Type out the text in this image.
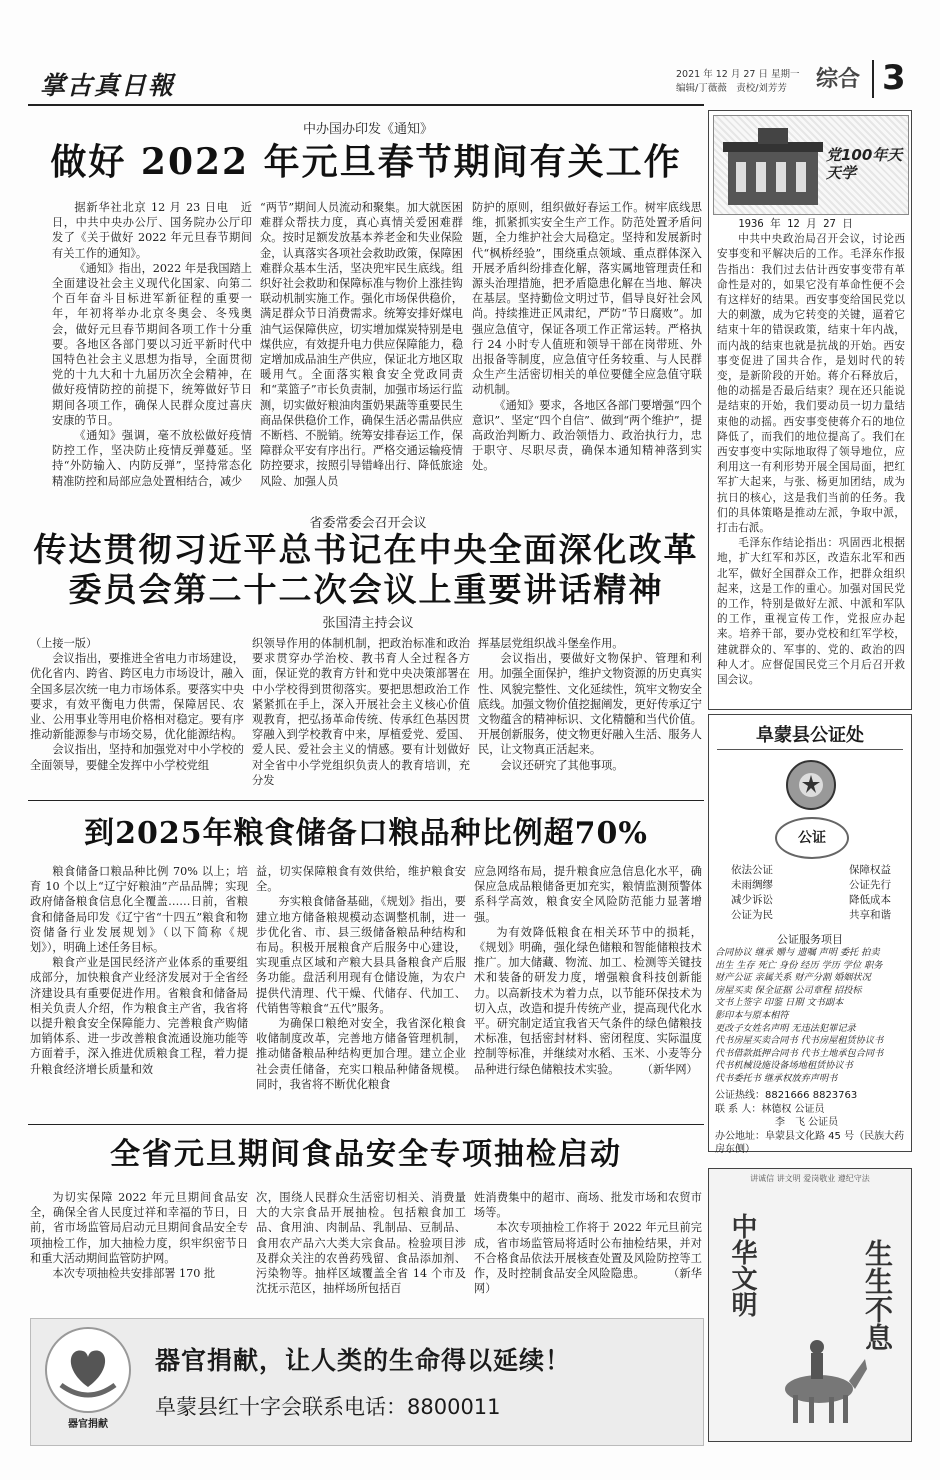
掌古真日報	2021 年 12 月 27 日 星期一
编辑/丁薇薇　责校/刘芳芳 综合 3
中办国办印发《通知》
做好 2022 年元旦春节期间有关工作

据新华社北京 12 月 23 日电　近日，中共中央办公厅、国务院办公厅印发了《关于做好 2022 年元旦春节期间有关工作的通知》。

《通知》指出，2022 年是我国踏上全面建设社会主义现代化国家、向第二个百年奋斗目标进军新征程的重要一年，年初将举办北京冬奥会、冬残奥会，做好元旦春节期间各项工作十分重要。各地区各部门要以习近平新时代中国特色社会主义思想为指导，全面贯彻党的十九大和十九届历次全会精神，在做好疫情防控的前提下，统筹做好节日期间各项工作，确保人民群众度过喜庆安康的节日。

《通知》强调，毫不放松做好疫情防控工作，坚决防止疫情反弹蔓延。坚持“外防输入、内防反弹”，坚持常态化精准防控和局部应急处置相结合，减少

“两节”期间人员流动和聚集。加大就医困难群众帮扶力度，真心真情关爱困难群众。按时足额发放基本养老金和失业保险金，认真落实各项社会救助政策，保障困难群众基本生活，坚决兜牢民生底线。组织好社会救助和保障标准与物价上涨挂钩联动机制实施工作。强化市场保供稳价，满足群众节日消费需求。统筹安排好煤电油气运保障供应，切实增加煤炭特别是电煤供应，有效提升电力供应保障能力，稳定增加成品油生产供应，保证北方地区取暖用气。全面落实粮食安全党政同责和“菜篮子”市长负责制，加强市场运行监测，切实做好粮油肉蛋奶果蔬等重要民生商品保供稳价工作，确保生活必需品供应不断档、不脱销。统筹安排春运工作，保障群众平安有序出行。严格交通运输疫情防控要求，按照引导错峰出行、降低旅途风险、加强人员

防护的原则，组织做好春运工作。树牢底线思维，抓紧抓实安全生产工作。防范处置矛盾问题，全力维护社会大局稳定。坚持和发展新时代“枫桥经验”，围绕重点领域、重点群体深入开展矛盾纠纷排查化解，落实属地管理责任和源头治理措施，把矛盾隐患化解在当地、解决在基层。坚持勤俭文明过节，倡导良好社会风尚。持续推进正风肃纪，严防“节日腐败”。加强应急值守，保证各项工作正常运转。严格执行 24 小时专人值班和领导干部在岗带班、外出报备等制度，应急值守任务较重、与人民群众生产生活密切相关的单位要健全应急值守联动机制。

《通知》要求，各地区各部门要增强“四个意识”、坚定“四个自信”、做到“两个维护”，提高政治判断力、政治领悟力、政治执行力，忠于职守、尽职尽责，确保本通知精神落到实处。

省委常委会召开会议
传达贯彻习近平总书记在中央全面深化改革
委员会第二十二次会议上重要讲话精神
张国清主持会议

（上接一版）

会议指出，要推进全省电力市场建设，优化省内、跨省、跨区电力市场设计，融入全国多层次统一电力市场体系。要落实中央要求，有效平衡电力供需，保障居民、农业、公用事业等用电价格相对稳定。要有序推动新能源参与市场交易，优化能源结构。

会议指出，坚持和加强党对中小学校的全面领导，要健全发挥中小学校党组

织领导作用的体制机制，把政治标准和政治要求贯穿办学治校、教书育人全过程各方面，保证党的教育方针和党中央决策部署在中小学校得到贯彻落实。要把思想政治工作紧紧抓在手上，深入开展社会主义核心价值观教育，把弘扬革命传统、传承红色基因贯穿融入到学校教育中来，厚植爱党、爱国、爱人民、爱社会主义的情感。要有计划做好对全省中小学党组织负责人的教育培训，充分发

挥基层党组织战斗堡垒作用。

会议指出，要做好文物保护、管理和利用。加强全面保护，维护文物资源的历史真实性、风貌完整性、文化延续性，筑牢文物安全底线。加强文物价值挖掘阐发，更好传承辽宁文物蕴含的精神标识、文化精髓和当代价值。开展创新服务，使文物更好融入生活、服务人民，让文物真正活起来。

会议还研究了其他事项。

到2025年粮食储备口粮品种比例超70%

粮食储备口粮品种比例 70% 以上；培育 10 个以上“辽宁好粮油”产品品牌；实现政府储备粮食信息化全覆盖……日前，省粮食和储备局印发《辽宁省“十四五”粮食和物资储备行业发展规划》（以下简称《规划》），明确上述任务目标。

粮食产业是国民经济产业体系的重要组成部分，加快粮食产业经济发展对于全省经济建设具有重要促进作用。省粮食和储备局相关负责人介绍，作为粮食主产省，我省将以提升粮食安全保障能力、完善粮食产购储加销体系、进一步改善粮食流通设施功能等方面着手，深入推进优质粮食工程，着力提升粮食经济增长质量和效

益，切实保障粮食有效供给，维护粮食安全。

夯实粮食储备基础，《规划》指出，要建立地方储备粮规模动态调整机制，进一步优化省、市、县三级储备粮品种结构和布局。积极开展粮食产后服务中心建设，实现重点区域和产粮大县具备粮食产后服务功能。盘活利用现有仓储设施，为农户提供代清理、代干燥、代储存、代加工、代销售等粮食“五代”服务。

为确保口粮绝对安全，我省深化粮食收储制度改革，完善地方储备管理机制，推动储备粮品种结构更加合理。建立企业社会责任储备，充实口粮品种储备规模。同时，我省将不断优化粮食

应急网络布局，提升粮食应急信息化水平，确保应急成品粮储备更加充实，粮情监测预警体系科学高效，粮食安全风险防范能力显著增强。

为有效降低粮食在相关环节中的损耗，《规划》明确，强化绿色储粮和智能储粮技术推广。加大储藏、物流、加工、检测等关键技术和装备的研发力度，增强粮食科技创新能力。以高新技术为着力点，以节能环保技术为切入点，改造和提升传统产业，提高现代化水平。研究制定适宜我省天气条件的绿色储粮技术标准，包括密封材料、密闭程度、实际温度控制等标准，并继续对水稻、玉米、小麦等分品种进行绿色储粮技术实验。　　　（新华网）

全省元旦期间食品安全专项抽检启动

为切实保障 2022 年元旦期间食品安全，确保全省人民度过祥和幸福的节日，日前，省市场监管局启动元旦期间食品安全专项抽检工作，加大抽检力度，织牢织密节日和重大活动期间监管防护网。

本次专项抽检共安排部署 170 批

次，围绕人民群众生活密切相关、消费量大的大宗食品开展抽检。包括粮食加工品、食用油、肉制品、乳制品、豆制品、食用农产品六大类大宗食品。检验项目涉及群众关注的农兽药残留、食品添加剂、污染物等。抽样区域覆盖全省 14 个市及沈抚示范区，抽样场所包括百

姓消费集中的超市、商场、批发市场和农贸市场等。

本次专项抽检工作将于 2022 年元旦前完成，省市场监管局将适时公布抽检结果，并对不合格食品依法开展核查处置及风险防控等工作，及时控制食品安全风险隐患。　　　（新华网）

党100年天天学

1936 年 12 月 27 日

中共中央政治局召开会议，讨论西安事变和平解决后的工作。毛泽东作报告指出：我们过去估计西安事变带有革命性是对的，如果它没有革命性便不会有这样好的结果。西安事变给国民党以大的刺激，成为它转变的关键，逼着它结束十年的错误政策，结束十年内战，而内战的结束也就是抗战的开始。西安事变促进了国共合作，是划时代的转变，是新阶段的开始。蒋介石释放后，他的动摇是否最后结束？现在还只能说是结束的开始，我们要动员一切力量结束他的动摇。西安事变使蒋介石的地位降低了，而我们的地位提高了。我们在西安事变中实际地取得了领导地位，应利用这一有利形势开展全国局面，把红军扩大起来，与张、杨更加团结，成为抗日的核心，这是我们当前的任务。我们的具体策略是推动左派，争取中派，打击右派。

毛泽东作结论指出：巩固西北根据地，扩大红军和苏区，改造东北军和西北军，做好全国群众工作，把群众组织起来，这是工作的重心。加强对国民党的工作，特别是做好左派、中派和军队的工作，重视宣传工作，党报应办起来。培养干部，要办党校和红军学校，建就群众的、军事的、党的、政治的四种人才。应督促国民党三个月后召开救国会议。

阜蒙县公证处
公证
依法公证	保障权益
未雨绸缪	公证先行
减少诉讼	降低成本
公证为民	共享和谐
公证服务项目
合同协议 继承 赠与 遗嘱 声明 委托 拍卖
出生 生存 死亡 身份 经历 学历 学位 职务
财产公证 亲属关系 财产分割 婚姻状况
房屋买卖 保全证据 公司章程 招投标
文书上签字 印鉴 日期 文书副本
影印本与原本相符
更改子女姓名声明 无违法犯罪记录
代书房屋买卖合同书 代书房屋租赁协议书
代书借款抵押合同书 代书土地承包合同书
代书机械设施设备场地租赁协议书
代书委托书 继承权放弃声明书
公证热线：8821666 8823763
联 系 人：林德权 公证员
李　飞 公证员
办公地址：阜蒙县文化路 45 号（民族大药房东侧）
讲诚信 讲文明 爱岗敬业 遵纪守法
中华文明	生生不息
器官捐献
器官捐献，让人类的生命得以延续！
阜蒙县红十字会联系电话：8800011
